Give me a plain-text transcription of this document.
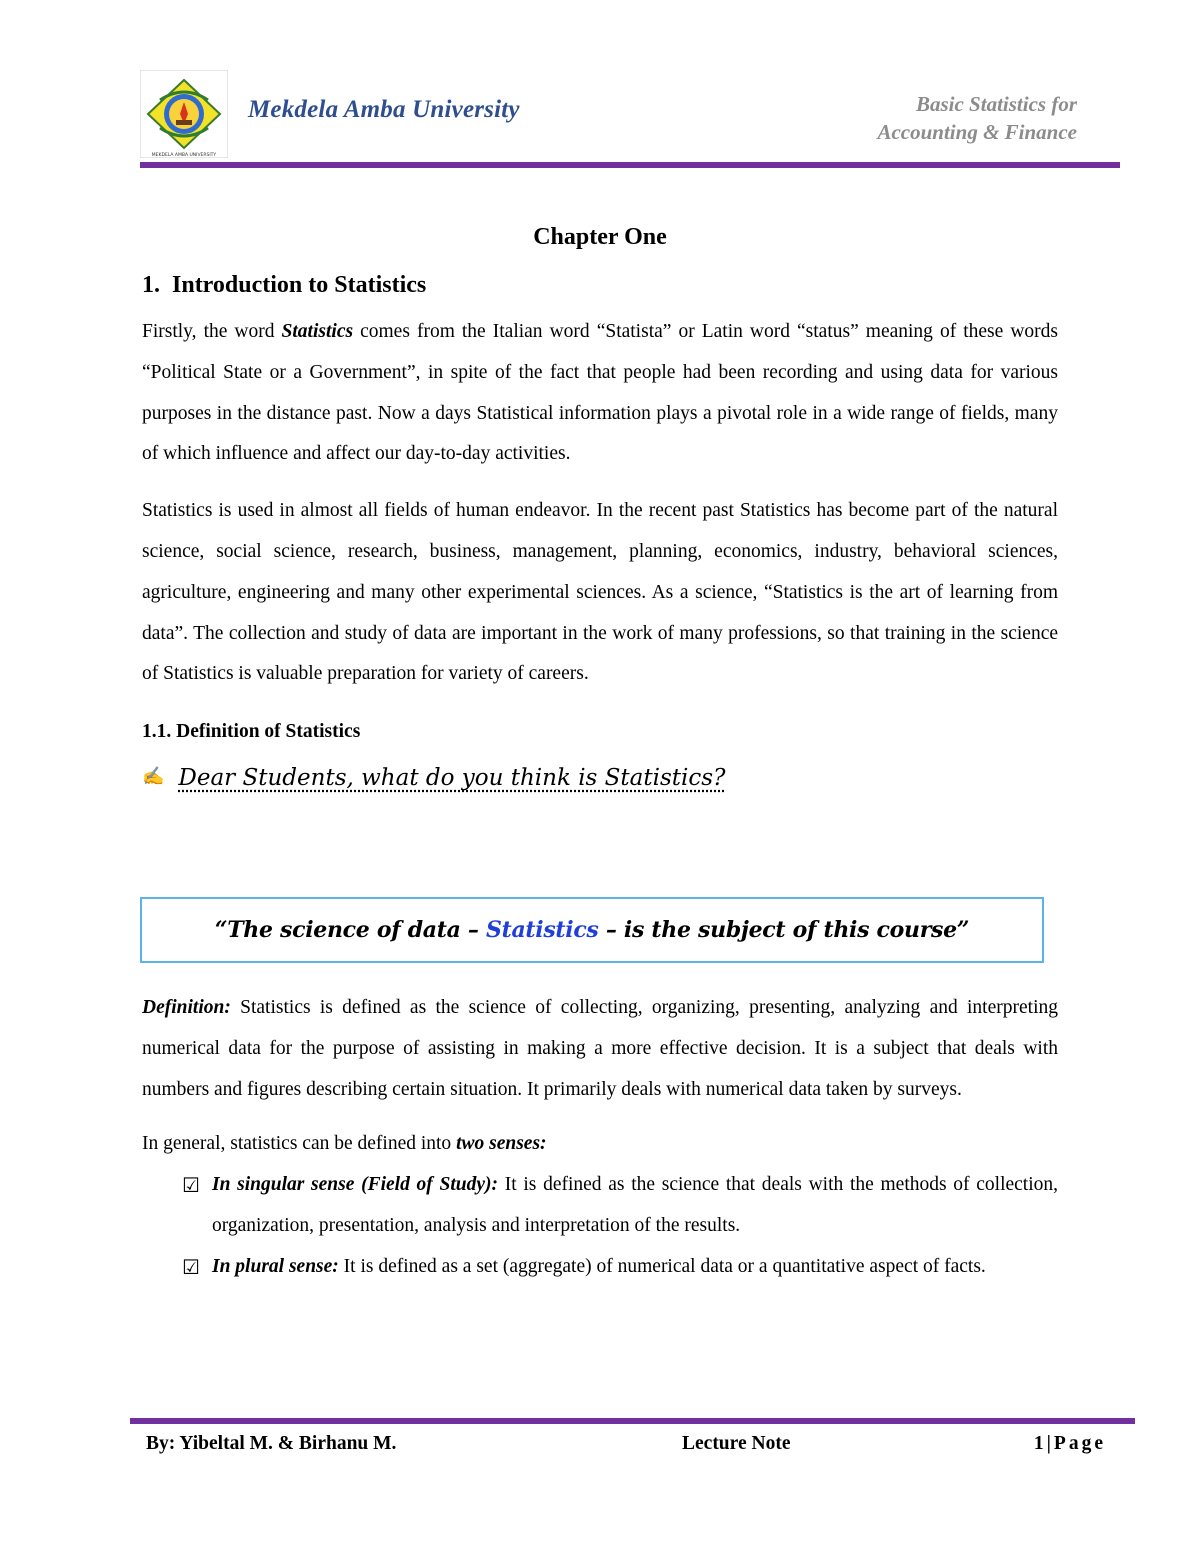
MEKDELA AMBA UNIVERSITY
Mekdela Amba University	Basic Statistics for
Accounting & Finance
Chapter One
1. Introduction to Statistics

Firstly, the word Statistics comes from the Italian word “Statista” or Latin word “status” meaning of these words “Political State or a Government”, in spite of the fact that people had been recording and using data for various purposes in the distance past. Now a days Statistical information plays a pivotal role in a wide range of fields, many of which influence and affect our day-to-day activities.

Statistics is used in almost all fields of human endeavor. In the recent past Statistics has become part of the natural science, social science, research, business, management, planning, economics, industry, behavioral sciences, agriculture, engineering and many other experimental sciences. As a science, “Statistics is the art of learning from data”. The collection and study of data are important in the work of many professions, so that training in the science of Statistics is valuable preparation for variety of careers.

1.1. Definition of Statistics
✍ Dear Students, what do you think is Statistics?
“The science of data – Statistics – is the subject of this course”

Definition: Statistics is defined as the science of collecting, organizing, presenting, analyzing and interpreting numerical data for the purpose of assisting in making a more effective decision. It is a subject that deals with numbers and figures describing certain situation. It primarily deals with numerical data taken by surveys.

In general, statistics can be defined into two senses:

☑ In singular sense (Field of Study): It is defined as the science that deals with the methods of collection, organization, presentation, analysis and interpretation of the results.

☑ In plural sense: It is defined as a set (aggregate) of numerical data or a quantitative aspect of facts.

By: Yibeltal M. & Birhanu M.	Lecture Note	1 | Page
